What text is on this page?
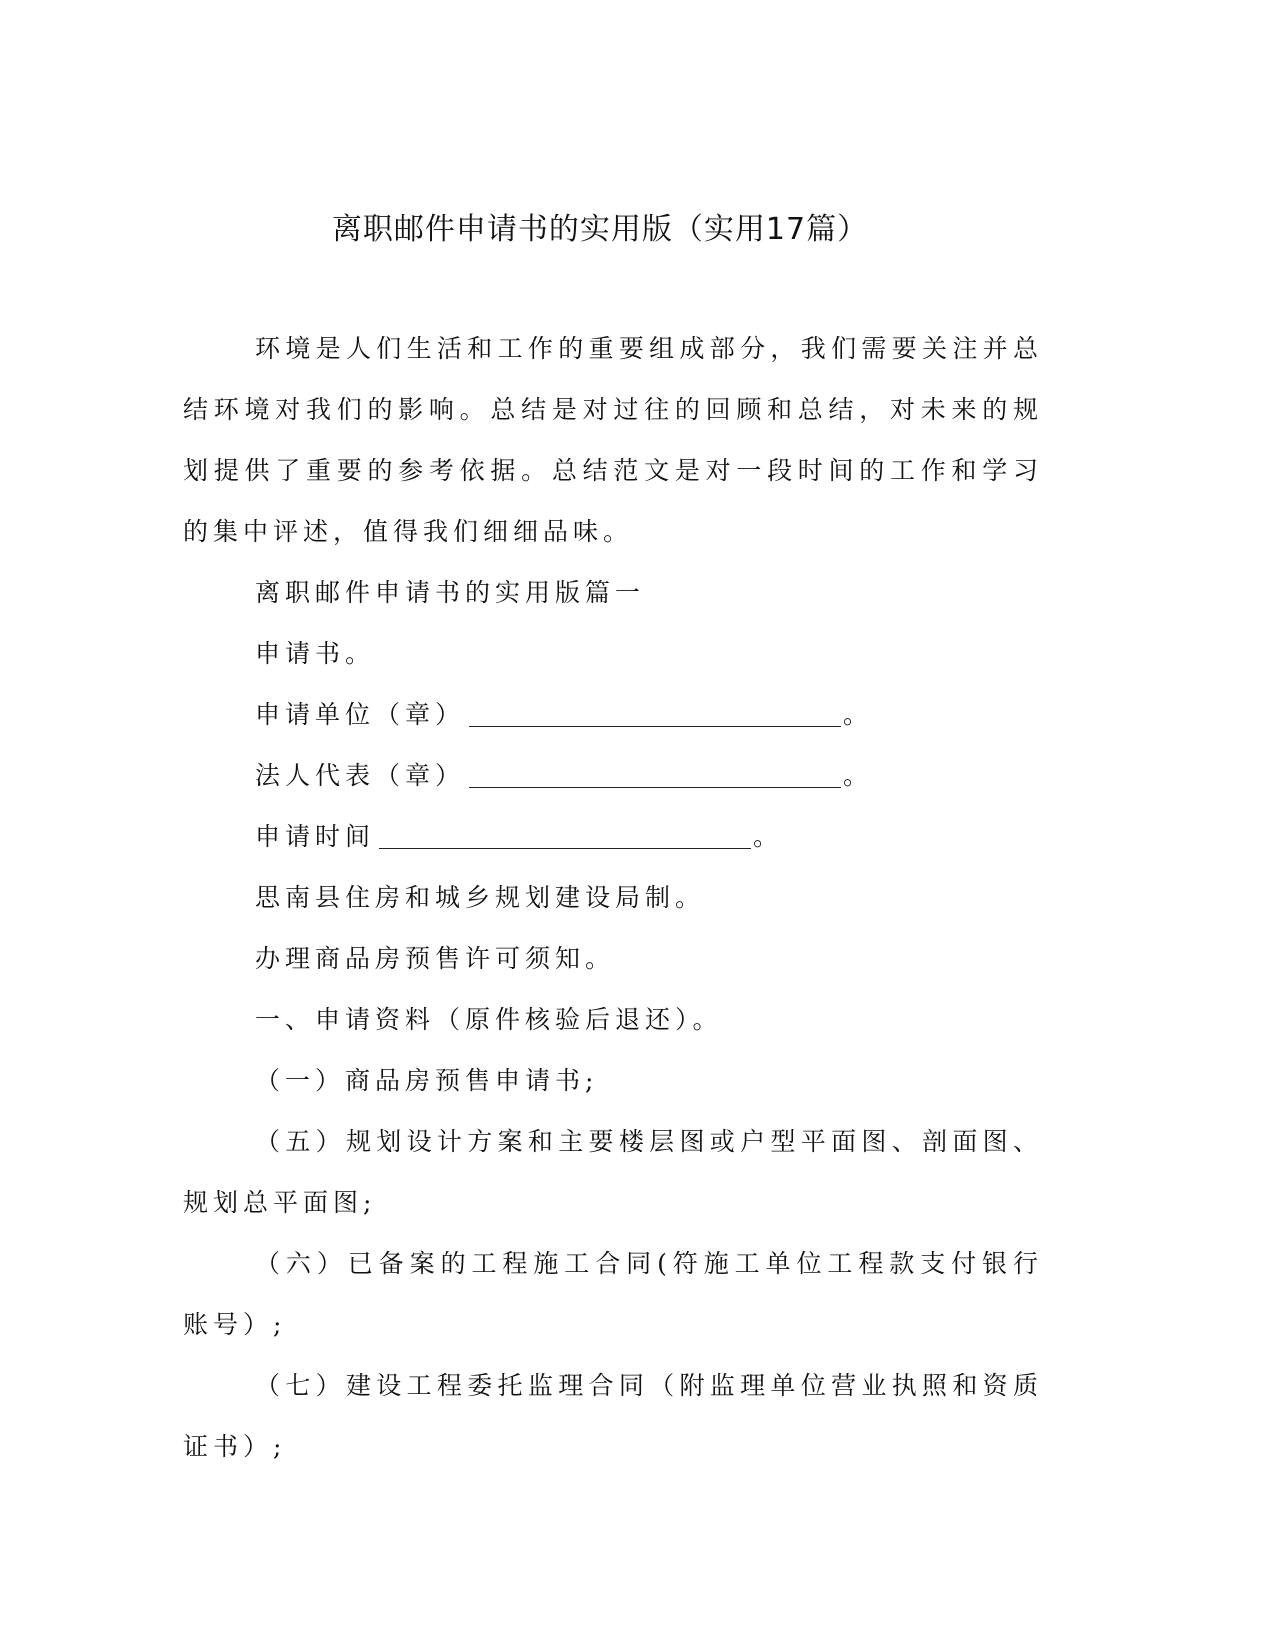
离职邮件申请书的实用版（实用17篇）

环境是人们生活和工作的重要组成部分，我们需要关注并总结环境对我们的影响。总结是对过往的回顾和总结，对未来的规划提供了重要的参考依据。总结范文是对一段时间的工作和学习的集中评述，值得我们细细品味。

离职邮件申请书的实用版篇一

申请书。

申请单位（章）	。

法人代表（章）	。

申请时间	。

思南县住房和城乡规划建设局制。

办理商品房预售许可须知。

一、申请资料（原件核验后退还）。

（一）商品房预售申请书;

（五）规划设计方案和主要楼层图或户型平面图、剖面图、规划总平面图;

（六）已备案的工程施工合同(符施工单位工程款支付银行账号）;

（七）建设工程委托监理合同（附监理单位营业执照和资质证书）;
